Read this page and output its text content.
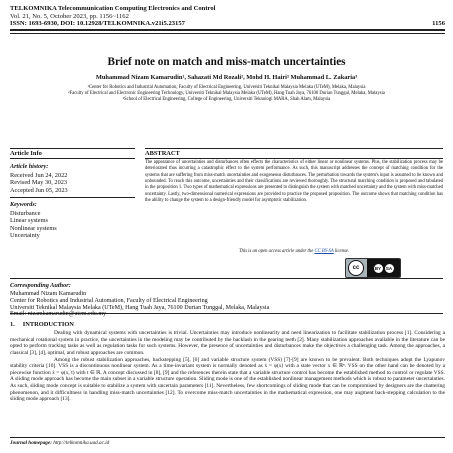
TELKOMNIKA Telecommunication Computing Electronics and Control
Vol. 21, No. 5, October 2023, pp. 1156~1162
ISSN: 1693-6930, DOI: 10.12928/TELKOMNIKA.v21i5.23157	1156
Brief note on match and miss-match uncertainties
Muhammad Nizam Kamarudin¹, Sahazati Md Rozali², Mohd H. Hairi³ Muhammad L. Zakaria³
¹Center for Robotics and Industrial Automation, Faculty of Electrical Engineering, Universiti Teknikal Malaysia Melaka (UTeM), Melaka, Malaysia
²Faculty of Electrical and Electronic Engineering Technology, Universiti Teknikal Malaysia Melaka (UTeM), Hang Tuah Jaya, 76100 Durian Tunggal, Melaka, Malaysia
³School of Electrical Engineering, College of Engineering, Universiti Teknologi MARA, Shah Alam, Malaysia
Article Info
Article history:
Received Jun 24, 2022
Revised May 30, 2023
Accepted Jun 05, 2023
Keywords:
Disturbance
Linear systems
Nonlinear systems
Uncertainty
ABSTRACT
The appearance of uncertainties and disturbances often effects the characteristics of either linear or nonlinear systems. Plus, the stabilization process may be deteriorated thus incurring a catastrophic effect to the system performance. As such, this manuscript addresses the concept of matching condition for the systems that are suffering from miss-match uncertainties and exogeneous disturbances. The perturbation towards the system's input is assumed to be known and unbounded. To reach this outcome, uncertainties and their classifications are reviewed thoroughly. The structural matching condition is proposed and tabulated in the proposition 1. Two types of mathematical expressions are presented to distinguish the system with matched uncertainty and the system with miss-matched uncertainty. Lastly, two-dimensional numerical expressions are provided to practice the proposed proposition. The outcome shows that matching condition has the ability to change the system to a design-friendly model for asymptotic stabilization.
This is an open access article under the CC BY-SA license.
cc	BY	SA
Corresponding Author:
Muhammad Nizam Kamarudin
Center for Robotics and Industrial Automation, Faculty of Electrical Engineering
Universiti Teknikal Malaysia Melaka (UTeM), Hang Tuah Jaya, 76100 Durian Tunggal, Melaka, Malaysia
Email: nizamkamarudin@utem.edu.my
1.     INTRODUCTION

Dealing with dynamical systems with uncertainties is trivial. Uncertainties may introduce nonlinearity and need linearization to facilitate stabilization process [1]. Considering a mechanical rotational system in practice, the uncertainties in the modeling may be contributed by the backlash in the gearing teeth [2]. Many stabilization approaches available in the literature can be opted to perform tracking tasks as well as regulation tasks for such systems. However, the presence of uncertainties and disturbances make the objectives a challenging task. Among the approaches, a classical [3], [4], optimal, and robust approaches are common.

Among the robust stabilization approaches, backstepping [5], [6] and variable structure system (VSS) [7]-[9] are known to be prevalent. Both techniques adopt the Lyapunov stability criteria [10]. VSS is a discontinuous nonlinear system. As a time-invariant system is normally denoted as ẋ = φ(x) with a state vector x ∈ ℝⁿ. VSS on the other hand can be denoted by a piecewise function ẋ = φ(x, t) with t ∈ ℝ. A concept discussed in [8], [9] and the references therein state that a variable structure control has become the established method to control or regulate VSS. A sliding mode approach has become the main subset in a variable structure operation. Sliding mode is one of the established nonlinear management methods which is robust to parameter uncertainties. As such, sliding mode concept is suitable to stabilize a system with uncertain parameters [11]. Nevertheless, few shortcomings of sliding mode that can be compromised by designers are the chattering phenomenon, and it difficultness in handling miss-match uncertainties [12]. To overcome miss-match uncertainties in the mathematical expression, one may augment back-stepping calculation to the sliding mode approach [13].

Journal homepage: http://telkomnika.uad.ac.id
